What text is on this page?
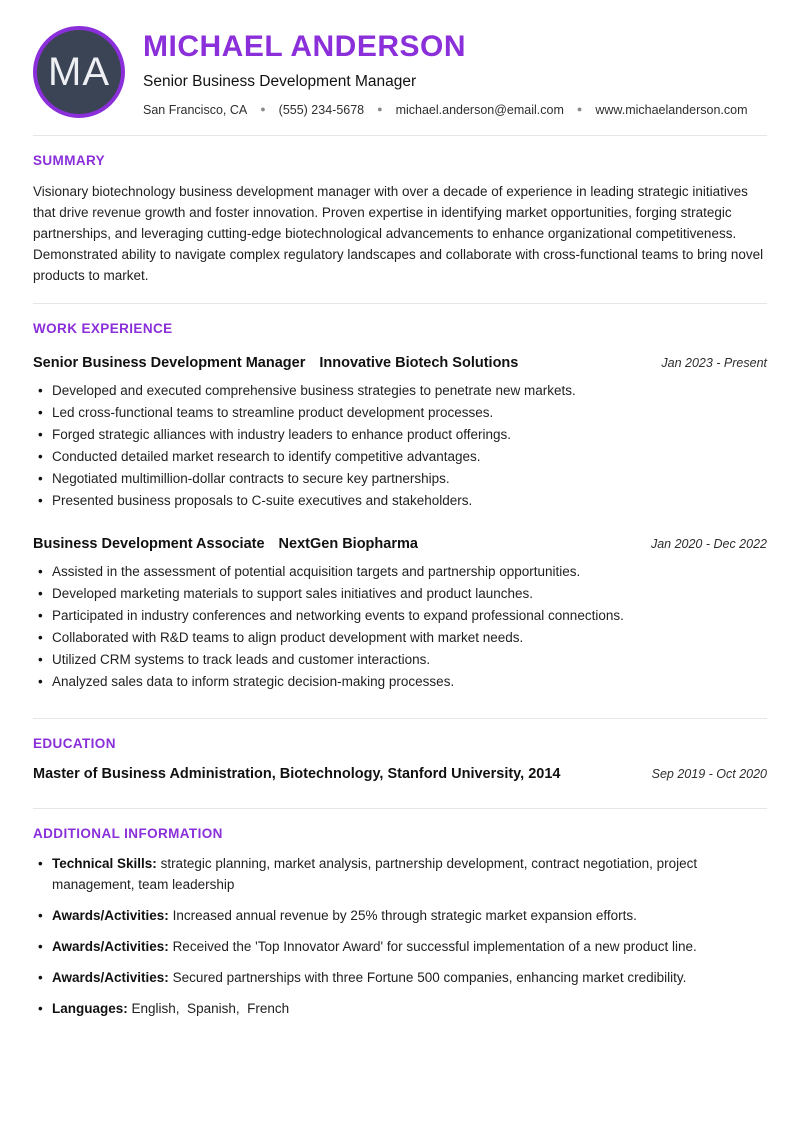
MA
MICHAEL ANDERSON
Senior Business Development Manager
San Francisco, CA ● (555) 234-5678 ● michael.anderson@email.com ● www.michaelanderson.com
SUMMARY

Visionary biotechnology business development manager with over a decade of experience in leading strategic initiatives that drive revenue growth and foster innovation. Proven expertise in identifying market opportunities, forging strategic partnerships, and leveraging cutting-edge biotechnological advancements to enhance organizational competitiveness. Demonstrated ability to navigate complex regulatory landscapes and collaborate with cross-functional teams to bring novel products to market.

WORK EXPERIENCE
Senior Business Development Manager Innovative Biotech Solutions	Jan 2023 - Present
• Developed and executed comprehensive business strategies to penetrate new markets.
• Led cross-functional teams to streamline product development processes.
• Forged strategic alliances with industry leaders to enhance product offerings.
• Conducted detailed market research to identify competitive advantages.
• Negotiated multimillion-dollar contracts to secure key partnerships.
• Presented business proposals to C-suite executives and stakeholders.
Business Development Associate NextGen Biopharma	Jan 2020 - Dec 2022
• Assisted in the assessment of potential acquisition targets and partnership opportunities.
• Developed marketing materials to support sales initiatives and product launches.
• Participated in industry conferences and networking events to expand professional connections.
• Collaborated with R&D teams to align product development with market needs.
• Utilized CRM systems to track leads and customer interactions.
• Analyzed sales data to inform strategic decision-making processes.
EDUCATION
Master of Business Administration, Biotechnology, Stanford University, 2014	Sep 2019 - Oct 2020
ADDITIONAL INFORMATION
• Technical Skills: strategic planning, market analysis, partnership development, contract negotiation, project management, team leadership
• Awards/Activities: Increased annual revenue by 25% through strategic market expansion efforts.
• Awards/Activities: Received the 'Top Innovator Award' for successful implementation of a new product line.
• Awards/Activities: Secured partnerships with three Fortune 500 companies, enhancing market credibility.
• Languages: English,  Spanish,  French
